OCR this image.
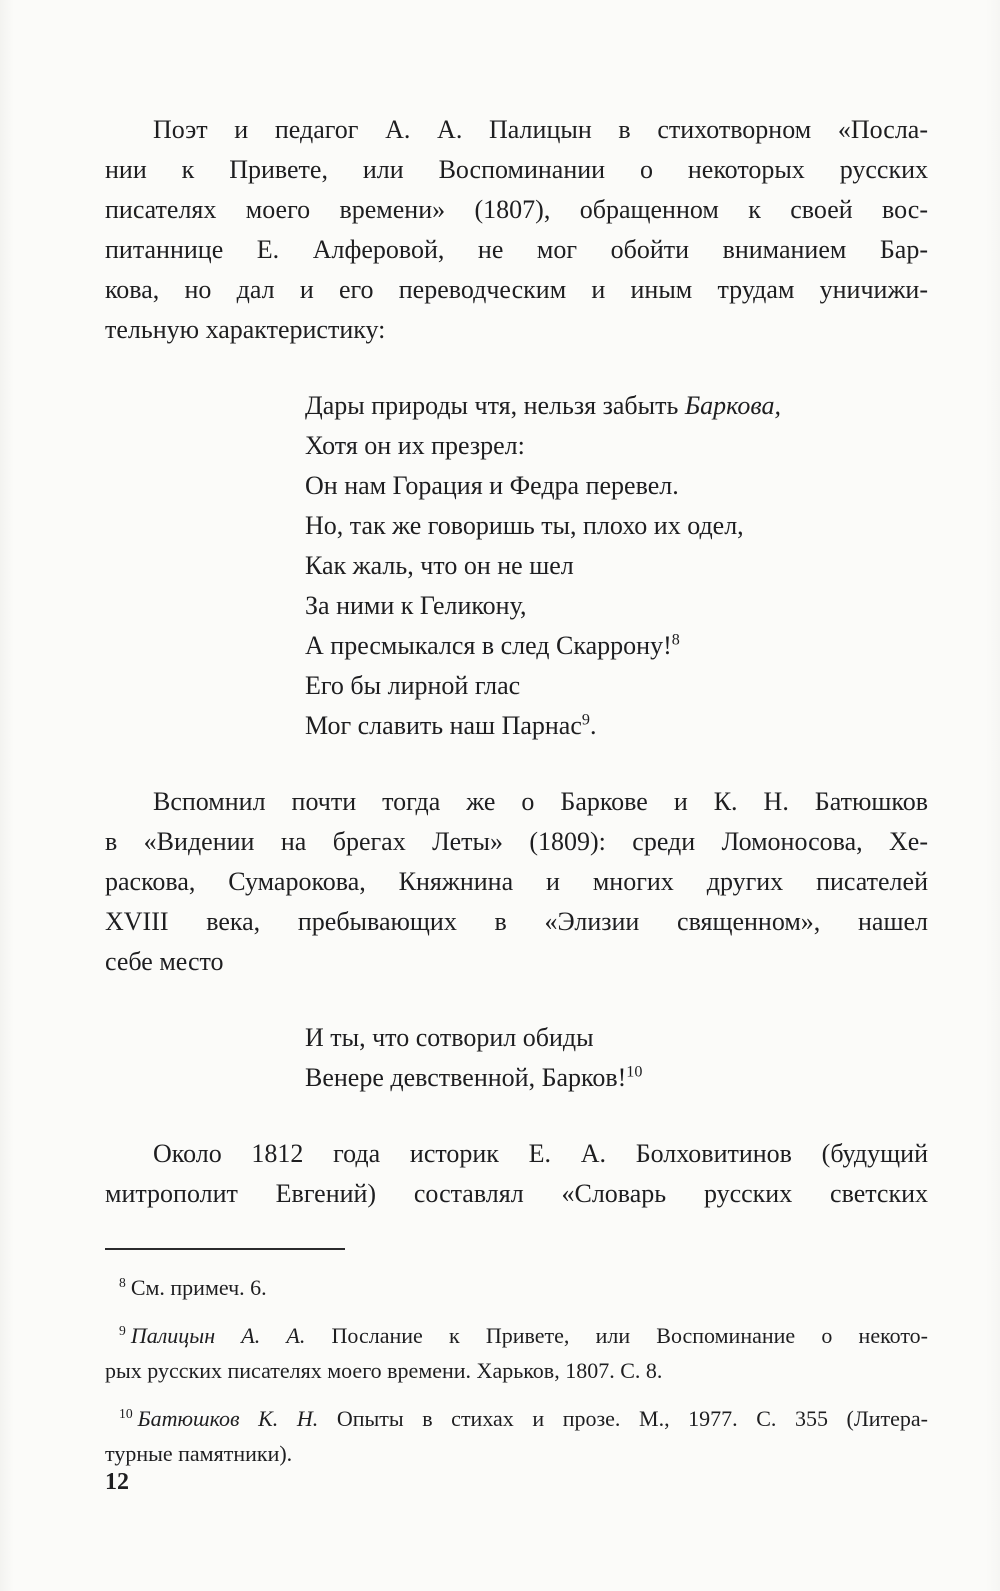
Поэт и педагог А. А. Палицын в стихотворном «Посла-
нии к Привете, или Воспоминании о некоторых русских
писателях моего времени» (1807), обращенном к своей вос-
питаннице Е. Алферовой, не мог обойти вниманием Бар-
кова, но дал и его переводческим и иным трудам уничижи-
тельную характеристику:
Дары природы чтя, нельзя забыть Баркова,
Хотя он их презрел:
Он нам Горация и Федра перевел.
Но, так же говоришь ты, плохо их одел,
Как жаль, что он не шел
За ними к Геликону,
А пресмыкался в след Скаррону!$^8$
Его бы лирной глас
Мог славить наш Парнас$^9$.
Вспомнил почти тогда же о Баркове и К. Н. Батюшков
в «Видении на брегах Леты» (1809): среди Ломоносова, Хе-
раскова, Сумарокова, Княжнина и многих других писателей
XVIII века, пребывающих в «Элизии священном», нашел
себе место
И ты, что сотворил обиды
Венере девственной, Барков!$^{10}$
Около 1812 года историк Е. А. Болховитинов (будущий
митрополит Евгений) составлял «Словарь русских светских
$^8$ См. примеч. 6.
$^9$ Палицын А. А. Послание к Привете, или Воспоминание о некото-
рых русских писателях моего времени. Харьков, 1807. С. 8.
$^{10}$ Батюшков К. Н. Опыты в стихах и прозе. М., 1977. С. 355 (Литера-
турные памятники).
12
